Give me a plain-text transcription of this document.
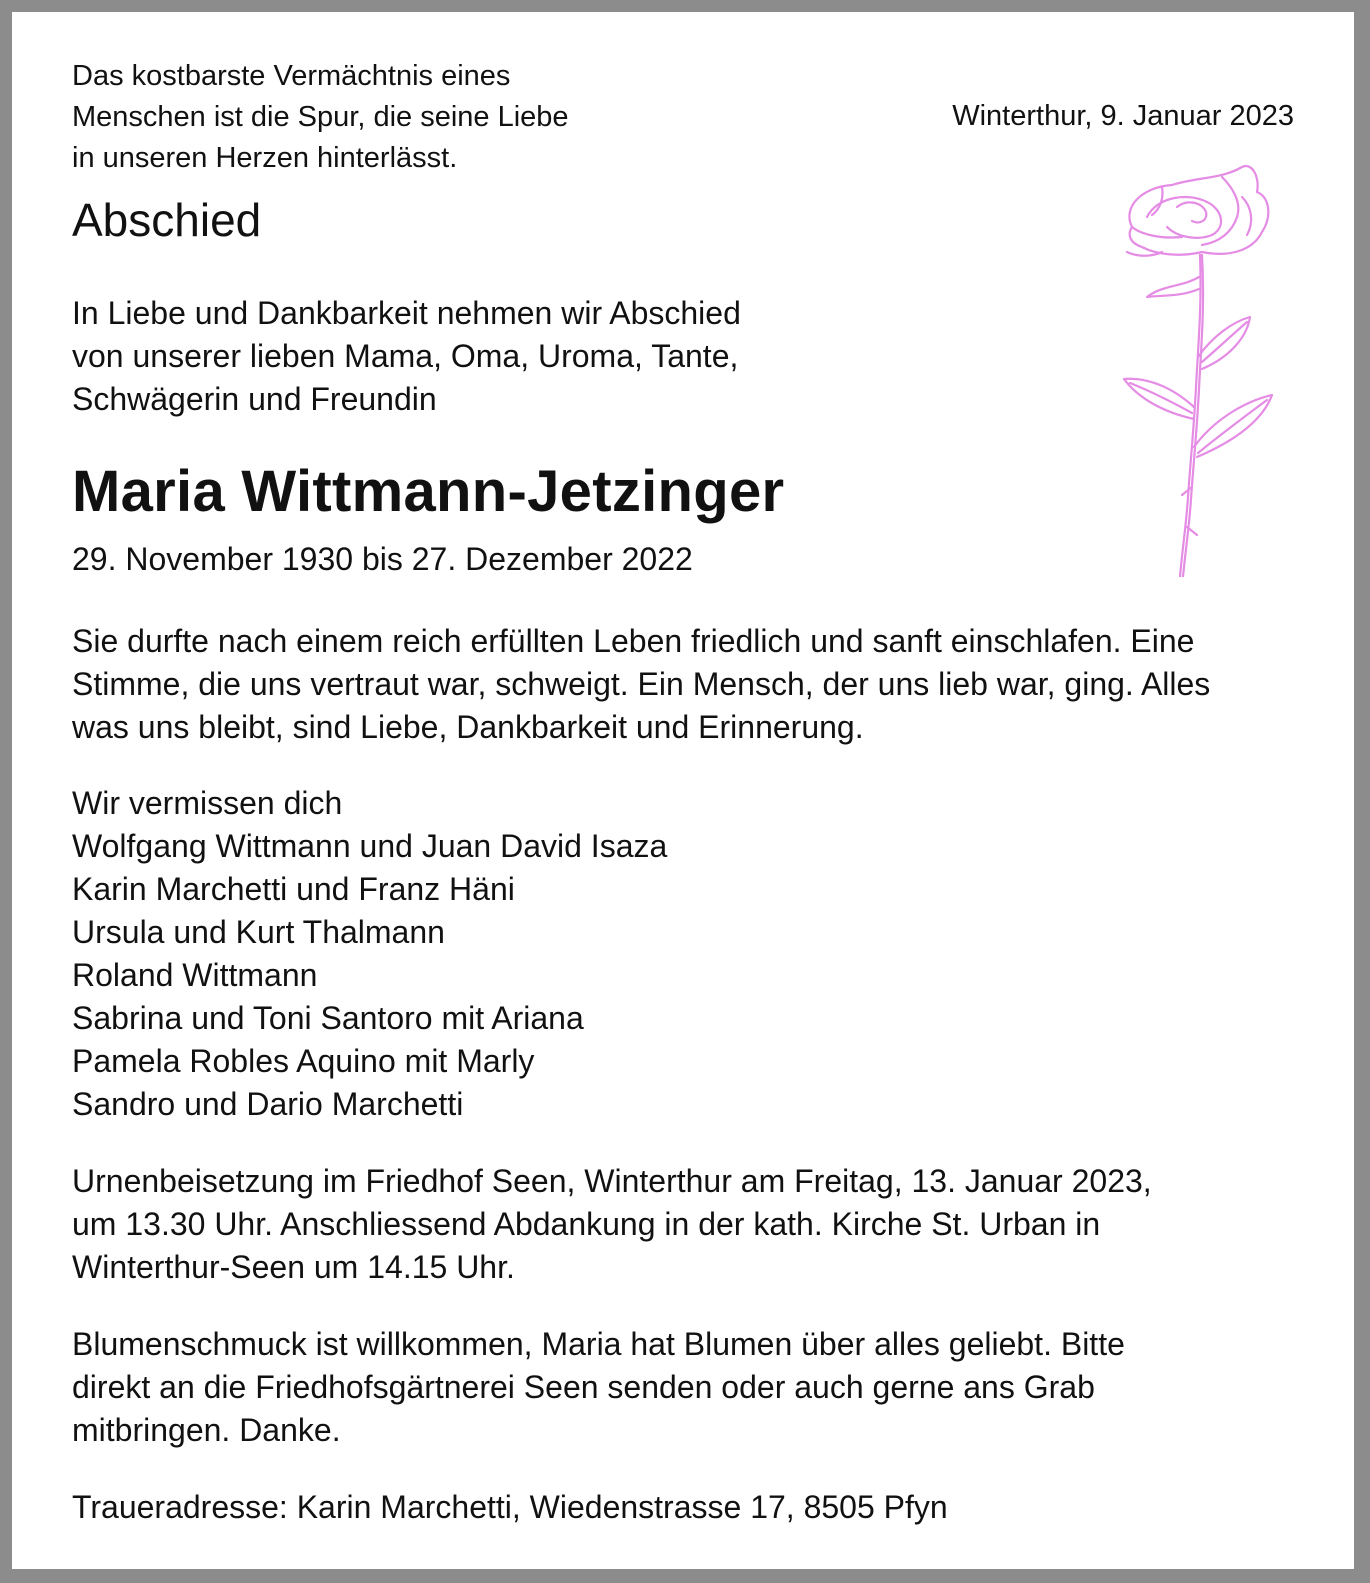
Das kostbarste Vermächtnis eines
Menschen ist die Spur, die seine Liebe
in unseren Herzen hinterlässt.
Winterthur, 9. Januar 2023
Abschied
In Liebe und Dankbarkeit nehmen wir Abschied
von unserer lieben Mama, Oma, Uroma, Tante,
Schwägerin und Freundin
Maria Wittmann-Jetzinger
29. November 1930 bis 27. Dezember 2022
Sie durfte nach einem reich erfüllten Leben friedlich und sanft einschlafen. Eine
Stimme, die uns vertraut war, schweigt. Ein Mensch, der uns lieb war, ging. Alles
was uns bleibt, sind Liebe, Dankbarkeit und Erinnerung.
Wir vermissen dich
Wolfgang Wittmann und Juan David Isaza
Karin Marchetti und Franz Häni
Ursula und Kurt Thalmann
Roland Wittmann
Sabrina und Toni Santoro mit Ariana
Pamela Robles Aquino mit Marly
Sandro und Dario Marchetti
Urnenbeisetzung im Friedhof Seen, Winterthur am Freitag, 13. Januar 2023,
um 13.30 Uhr. Anschliessend Abdankung in der kath. Kirche St. Urban in
Winterthur-Seen um 14.15 Uhr.
Blumenschmuck ist willkommen, Maria hat Blumen über alles geliebt. Bitte
direkt an die Friedhofsgärtnerei Seen senden oder auch gerne ans Grab
mitbringen. Danke.
Traueradresse: Karin Marchetti, Wiedenstrasse 17, 8505 Pfyn
